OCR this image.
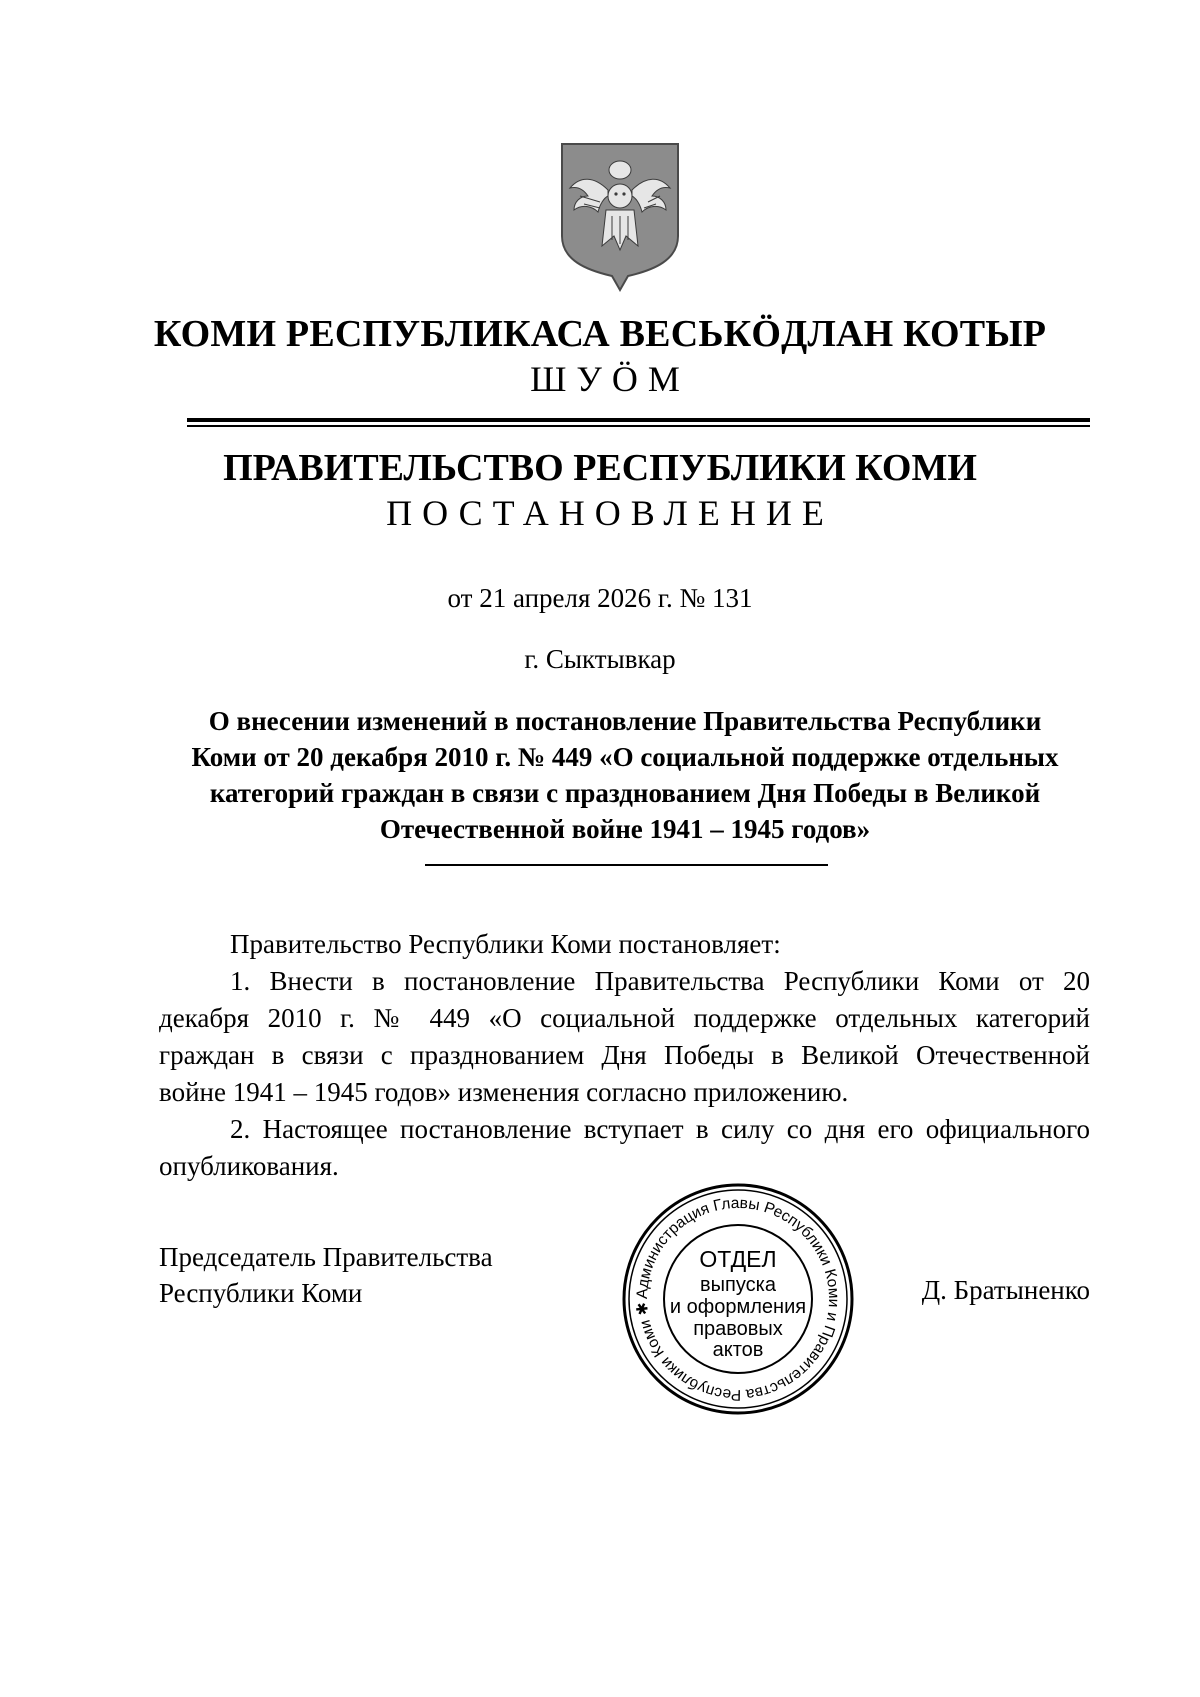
КОМИ РЕСПУБЛИКАСА ВЕСЬКӦДЛАН КОТЫР
ШУӦМ
ПРАВИТЕЛЬСТВО РЕСПУБЛИКИ КОМИ
ПОСТАНОВЛЕНИЕ
от 21 апреля 2026 г. № 131
г. Сыктывкар
О внесении изменений в постановление Правительства Республики
Коми от 20 декабря 2010 г. № 449 «О социальной поддержке отдельных
категорий граждан в связи с празднованием Дня Победы в Великой
Отечественной войне 1941 – 1945 годов»
Правительство Республики Коми постановляет:
1. Внести в постановление Правительства Республики Коми от 20
декабря 2010 г. № 449 «О социальной поддержке отдельных категорий
граждан в связи с празднованием Дня Победы в Великой Отечественной
войне 1941 – 1945 годов» изменения согласно приложению.
2. Настоящее постановление вступает в силу со дня его официального
опубликования.
Председатель Правительства
Республики Коми	Администрация Главы Республики Коми и Правительства Республики Коми ✱
ОТДЕЛ
выпуска
и оформления
правовых
актов
Д. Братыненко
